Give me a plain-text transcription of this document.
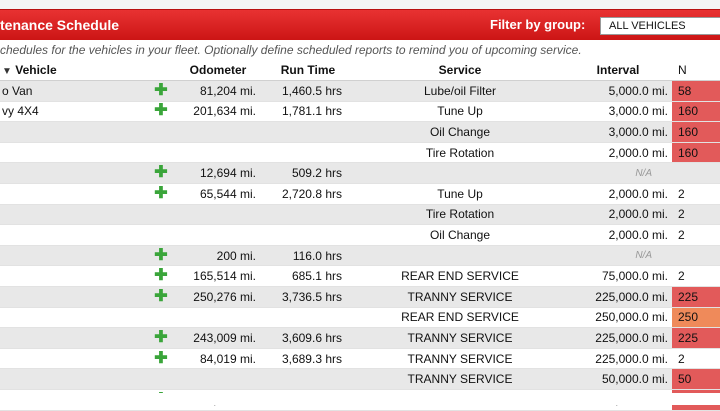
tenance Schedule	Filter by group:	ALL VEHICLES
chedules for the vehicles in your fleet. Optionally define scheduled reports to remind you of upcoming service.
▼ Vehicle		Odometer	Run Time	Service	Interval	N
o Van	✚	81,204 mi.	1,460.5 hrs	Lube/oil Filter	5,000.0 mi.	58
vy 4X4	✚	201,634 mi.	1,781.1 hrs	Tune Up	3,000.0 mi.	160
				Oil Change	3,000.0 mi.	160
				Tire Rotation	2,000.0 mi.	160
	✚	12,694 mi.	509.2 hrs		N/A	
	✚	65,544 mi.	2,720.8 hrs	Tune Up	2,000.0 mi.	2
				Tire Rotation	2,000.0 mi.	2
				Oil Change	2,000.0 mi.	2
	✚	200 mi.	116.0 hrs		N/A	
	✚	165,514 mi.	685.1 hrs	REAR END SERVICE	75,000.0 mi.	2
	✚	250,276 mi.	3,736.5 hrs	TRANNY SERVICE	225,000.0 mi.	225
				REAR END SERVICE	250,000.0 mi.	250
	✚	243,009 mi.	3,609.6 hrs	TRANNY SERVICE	225,000.0 mi.	225
	✚	84,019 mi.	3,689.3 hrs	TRANNY SERVICE	225,000.0 mi.	2
				TRANNY SERVICE	50,000.0 mi.	50
